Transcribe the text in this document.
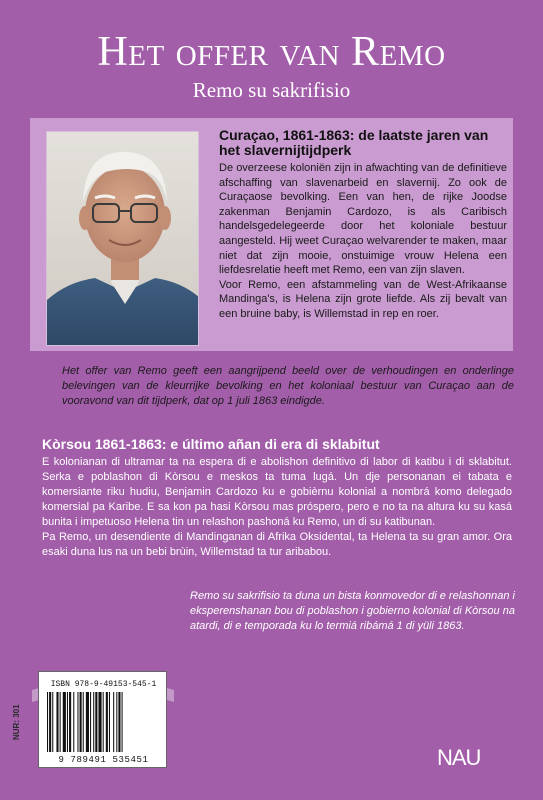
Het offer van Remo
Remo su sakrifisio
Curaçao, 1861-1863: de laatste jaren van het slavernijtijdperk

De overzeese koloniën zijn in afwachting van de definitieve afschaffing van slavenarbeid en slavernij. Zo ook de Curaçaose bevolking. Een van hen, de rijke Joodse zakenman Benjamin Cardozo, is als Caribisch handelsgedelegeerde door het koloniale bestuur aangesteld. Hij weet Curaçao welvarender te maken, maar niet dat zijn mooie, onstuimige vrouw Helena een liefdesrelatie heeft met Remo, een van zijn slaven.

Voor Remo, een afstammeling van de West-Afrikaanse Mandinga's, is Helena zijn grote liefde. Als zij bevalt van een bruine baby, is Willemstad in rep en roer.

Het offer van Remo geeft een aangrijpend beeld over de verhoudingen en onderlinge belevingen van de kleurrijke bevolking en het koloniaal bestuur van Curaçao aan de vooravond van dit tijdperk, dat op 1 juli 1863 eindigde.
Kòrsou 1861-1863: e último añan di era di sklabitut

E kolonianan di ultramar ta na espera di e abolishon definitivo di labor di katibu i di sklabitut. Serka e poblashon di Kòrsou e meskos ta tuma lugá. Un dje personanan ei tabata e komersiante riku hudiu, Benjamin Cardozo ku e gobièrnu kolonial a nombrá komo delegado komersial pa Karibe. E sa kon pa hasi Kòrsou mas próspero, pero e no ta na altura ku su kasá bunita i impetuoso Helena tin un relashon pashoná ku Remo, un di su katibunan.

Pa Remo, un desendiente di Mandinganan di Afrika Oksidental, ta Helena ta su gran amor. Ora esaki duna lus na un bebi brùin, Willemstad ta tur aribabou.

Remo su sakrifisio ta duna un bista konmovedor di e relashonnan i eksperenshanan bou di poblashon i gobierno kolonial di Kòrsou na atardi, di e temporada ku lo termiá ribámá 1 di yüli 1863.
ISBN 978-9-49153-545-1
9 789491 535451
NUR: 301
NAU
